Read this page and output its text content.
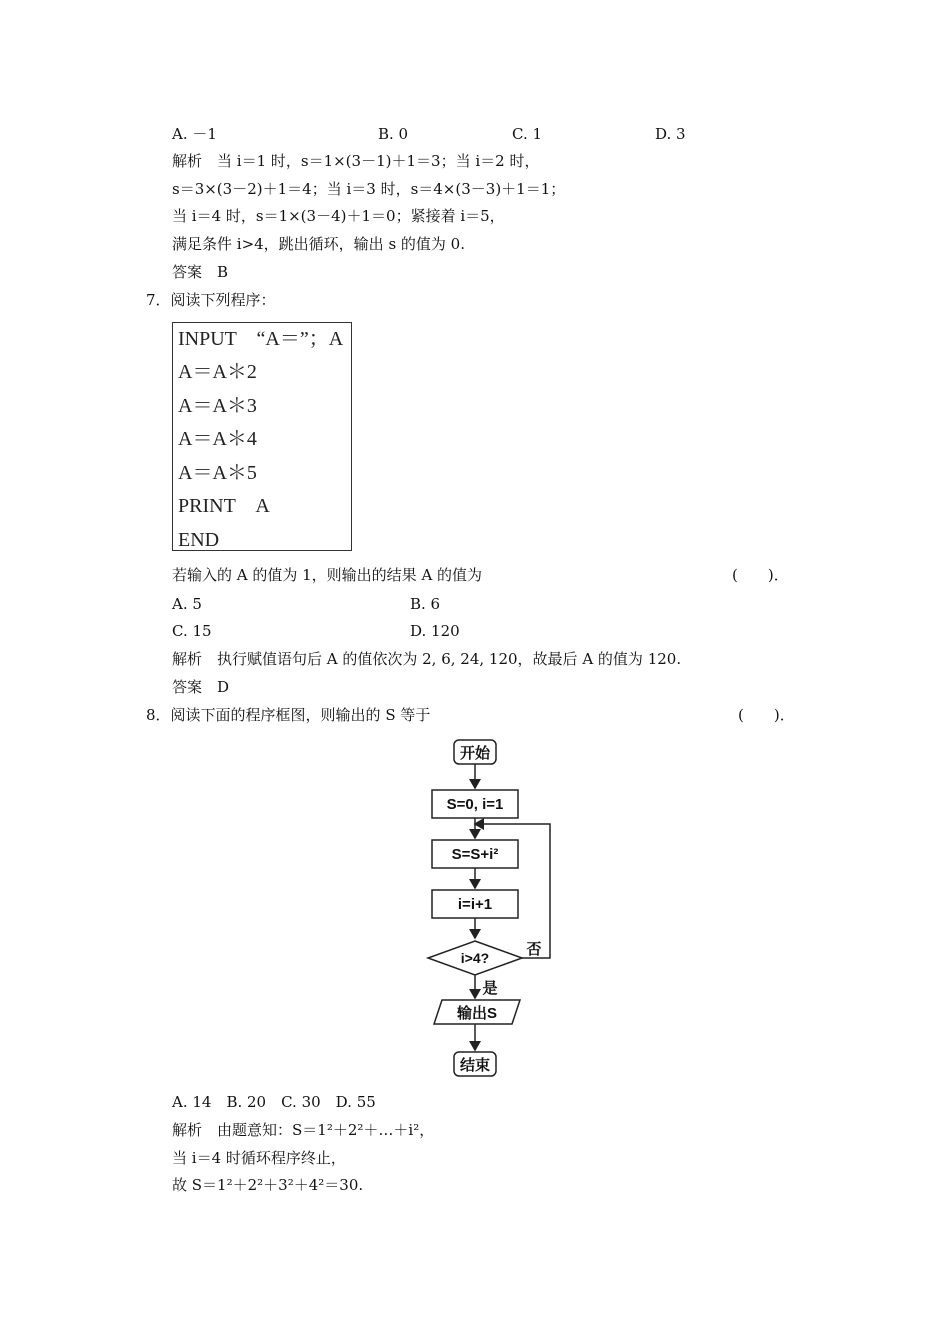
A. －1	B. 0	C. 1	D. 3
解析　当 i＝1 时，s＝1×(3－1)＋1＝3；当 i＝2 时，
s＝3×(3－2)＋1＝4；当 i＝3 时，s＝4×(3－3)＋1＝1；
当 i＝4 时，s＝1×(3－4)＋1＝0；紧接着 i＝5，
满足条件 i>4，跳出循环，输出 s 的值为 0.
答案　B
7．阅读下列程序：
INPUT　“A＝”；A
A＝A＊2
A＝A＊3
A＝A＊4
A＝A＊5
PRINT　A
END
若输入的 A 的值为 1，则输出的结果 A 的值为	(　　)．
A. 5	B. 6
C. 15	D. 120
解析　执行赋值语句后 A 的值依次为 2, 6, 24, 120，故最后 A 的值为 120.
答案　D
8．阅读下面的程序框图，则输出的 S 等于	(　　)．
开始
S=0, i=1
S=S+i²
i=i+1
i>4? 否
是
输出S
结束
A. 14　B. 20　C. 30　D. 55
解析　由题意知：S＝1²＋2²＋…＋i²，
当 i＝4 时循环程序终止，
故 S＝1²＋2²＋3²＋4²＝30.
